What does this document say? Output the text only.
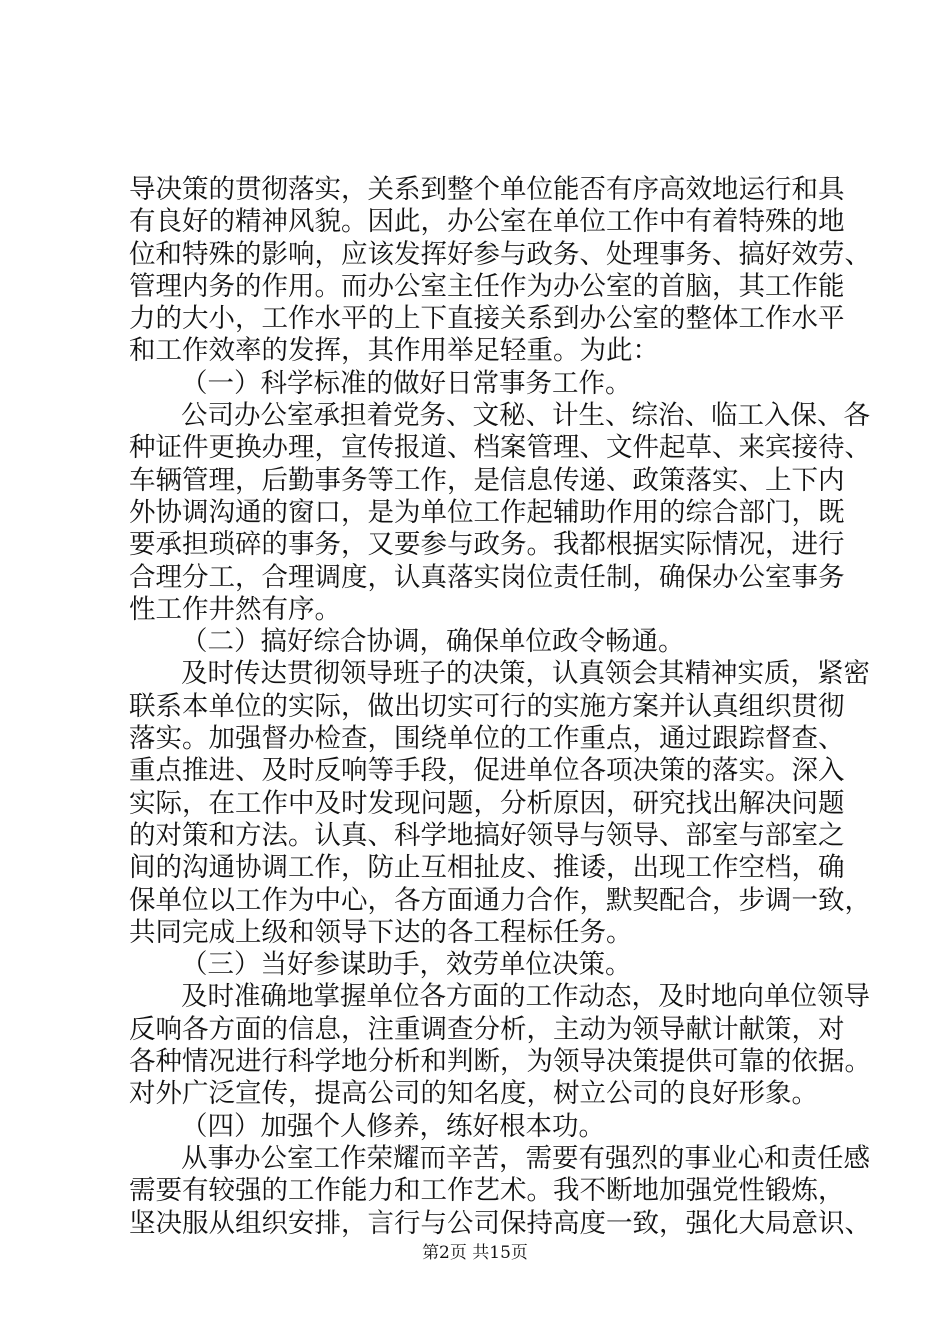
导决策的贯彻落实，关系到整个单位能否有序高效地运行和具
有良好的精神风貌。因此，办公室在单位工作中有着特殊的地
位和特殊的影响，应该发挥好参与政务、处理事务、搞好效劳、
管理内务的作用。而办公室主任作为办公室的首脑，其工作能
力的大小，工作水平的上下直接关系到办公室的整体工作水平
和工作效率的发挥，其作用举足轻重。为此：
（一）科学标准的做好日常事务工作。
公司办公室承担着党务、文秘、计生、综治、临工入保、各
种证件更换办理，宣传报道、档案管理、文件起草、来宾接待、
车辆管理，后勤事务等工作，是信息传递、政策落实、上下内
外协调沟通的窗口，是为单位工作起辅助作用的综合部门，既
要承担琐碎的事务，又要参与政务。我都根据实际情况，进行
合理分工，合理调度，认真落实岗位责任制，确保办公室事务
性工作井然有序。
（二）搞好综合协调，确保单位政令畅通。
及时传达贯彻领导班子的决策，认真领会其精神实质，紧密
联系本单位的实际，做出切实可行的实施方案并认真组织贯彻
落实。加强督办检查，围绕单位的工作重点，通过跟踪督查、
重点推进、及时反响等手段，促进单位各项决策的落实。深入
实际，在工作中及时发现问题，分析原因，研究找出解决问题
的对策和方法。认真、科学地搞好领导与领导、部室与部室之
间的沟通协调工作，防止互相扯皮、推诿，出现工作空档，确
保单位以工作为中心，各方面通力合作，默契配合，步调一致，
共同完成上级和领导下达的各工程标任务。
（三）当好参谋助手，效劳单位决策。
及时准确地掌握单位各方面的工作动态，及时地向单位领导
反响各方面的信息，注重调查分析，主动为领导献计献策，对
各种情况进行科学地分析和判断，为领导决策提供可靠的依据。
对外广泛宣传，提高公司的知名度，树立公司的良好形象。
（四）加强个人修养，练好根本功。
从事办公室工作荣耀而辛苦，需要有强烈的事业心和责任感
需要有较强的工作能力和工作艺术。我不断地加强党性锻炼，
坚决服从组织安排，言行与公司保持高度一致，强化大局意识、
第2页 共15页
